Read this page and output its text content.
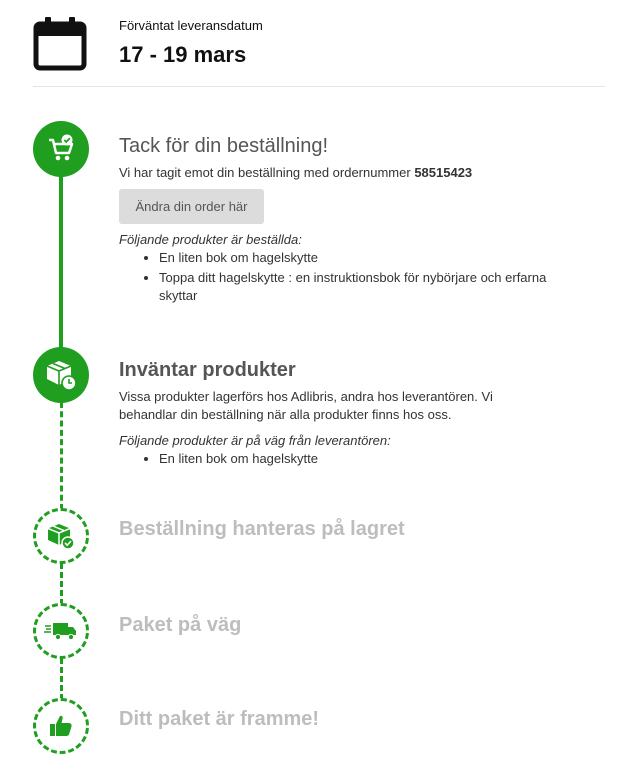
Förväntat leveransdatum
17 - 19 mars
Tack för din beställning!
Vi har tagit emot din beställning med ordernummer 58515423
Ändra din order här
Följande produkter är beställda:
• En liten bok om hagelskytte
• Toppa ditt hagelskytte : en instruktionsbok för nybörjare och erfarna skyttar
Inväntar produkter
Vissa produkter lagerförs hos Adlibris, andra hos leverantören. Vi behandlar din beställning när alla produkter finns hos oss.
Följande produkter är på väg från leverantören:
• En liten bok om hagelskytte
Beställning hanteras på lagret
Paket på väg
Ditt paket är framme!
